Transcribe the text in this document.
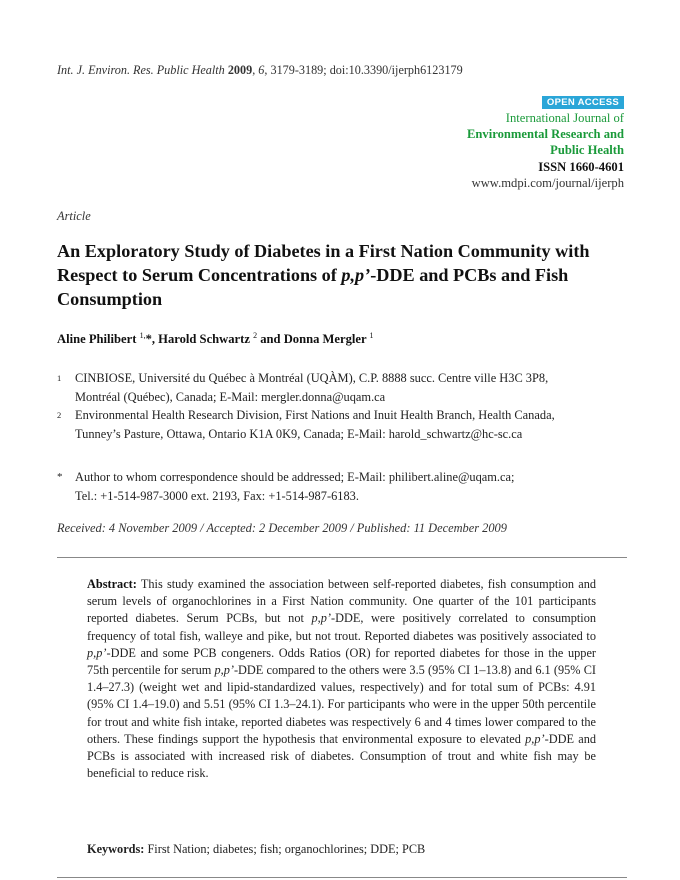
Int. J. Environ. Res. Public Health 2009, 6, 3179-3189; doi:10.3390/ijerph6123179
OPEN ACCESS
International Journal of
Environmental Research and
Public Health
ISSN 1660-4601
www.mdpi.com/journal/ijerph
Article
An Exploratory Study of Diabetes in a First Nation Community with Respect to Serum Concentrations of p,p’-DDE and PCBs and Fish Consumption
Aline Philibert $^{1,}$*, Harold Schwartz $^2$ and Donna Mergler $^1$
1 CINBIOSE, Université du Québec à Montréal (UQÀM), C.P. 8888 succ. Centre ville H3C 3P8,
Montréal (Québec), Canada; E-Mail: mergler.donna@uqam.ca
2 Environmental Health Research Division, First Nations and Inuit Health Branch, Health Canada,
Tunney’s Pasture, Ottawa, Ontario K1A 0K9, Canada; E-Mail: harold_schwartz@hc-sc.ca
* Author to whom correspondence should be addressed; E-Mail: philibert.aline@uqam.ca;
Tel.: +1-514-987-3000 ext. 2193, Fax: +1-514-987-6183.
Received: 4 November 2009 / Accepted: 2 December 2009 / Published: 11 December 2009
Abstract: This study examined the association between self-reported diabetes, fish consumption and serum levels of organochlorines in a First Nation community. One quarter of the 101 participants reported diabetes. Serum PCBs, but not p,p’-DDE, were positively correlated to consumption frequency of total fish, walleye and pike, but not trout. Reported diabetes was positively associated to p,p’-DDE and some PCB congeners. Odds Ratios (OR) for reported diabetes for those in the upper 75th percentile for serum p,p’-DDE compared to the others were 3.5 (95% CI 1–13.8) and 6.1 (95% CI 1.4–27.3) (weight wet and lipid-standardized values, respectively) and for total sum of PCBs: 4.91 (95% CI 1.4–19.0) and 5.51 (95% CI 1.3–24.1). For participants who were in the upper 50th percentile for trout and white fish intake, reported diabetes was respectively 6 and 4 times lower compared to the others. These findings support the hypothesis that environmental exposure to elevated p,p’-DDE and PCBs is associated with increased risk of diabetes. Consumption of trout and white fish may be beneficial to reduce risk.
Keywords: First Nation; diabetes; fish; organochlorines; DDE; PCB
